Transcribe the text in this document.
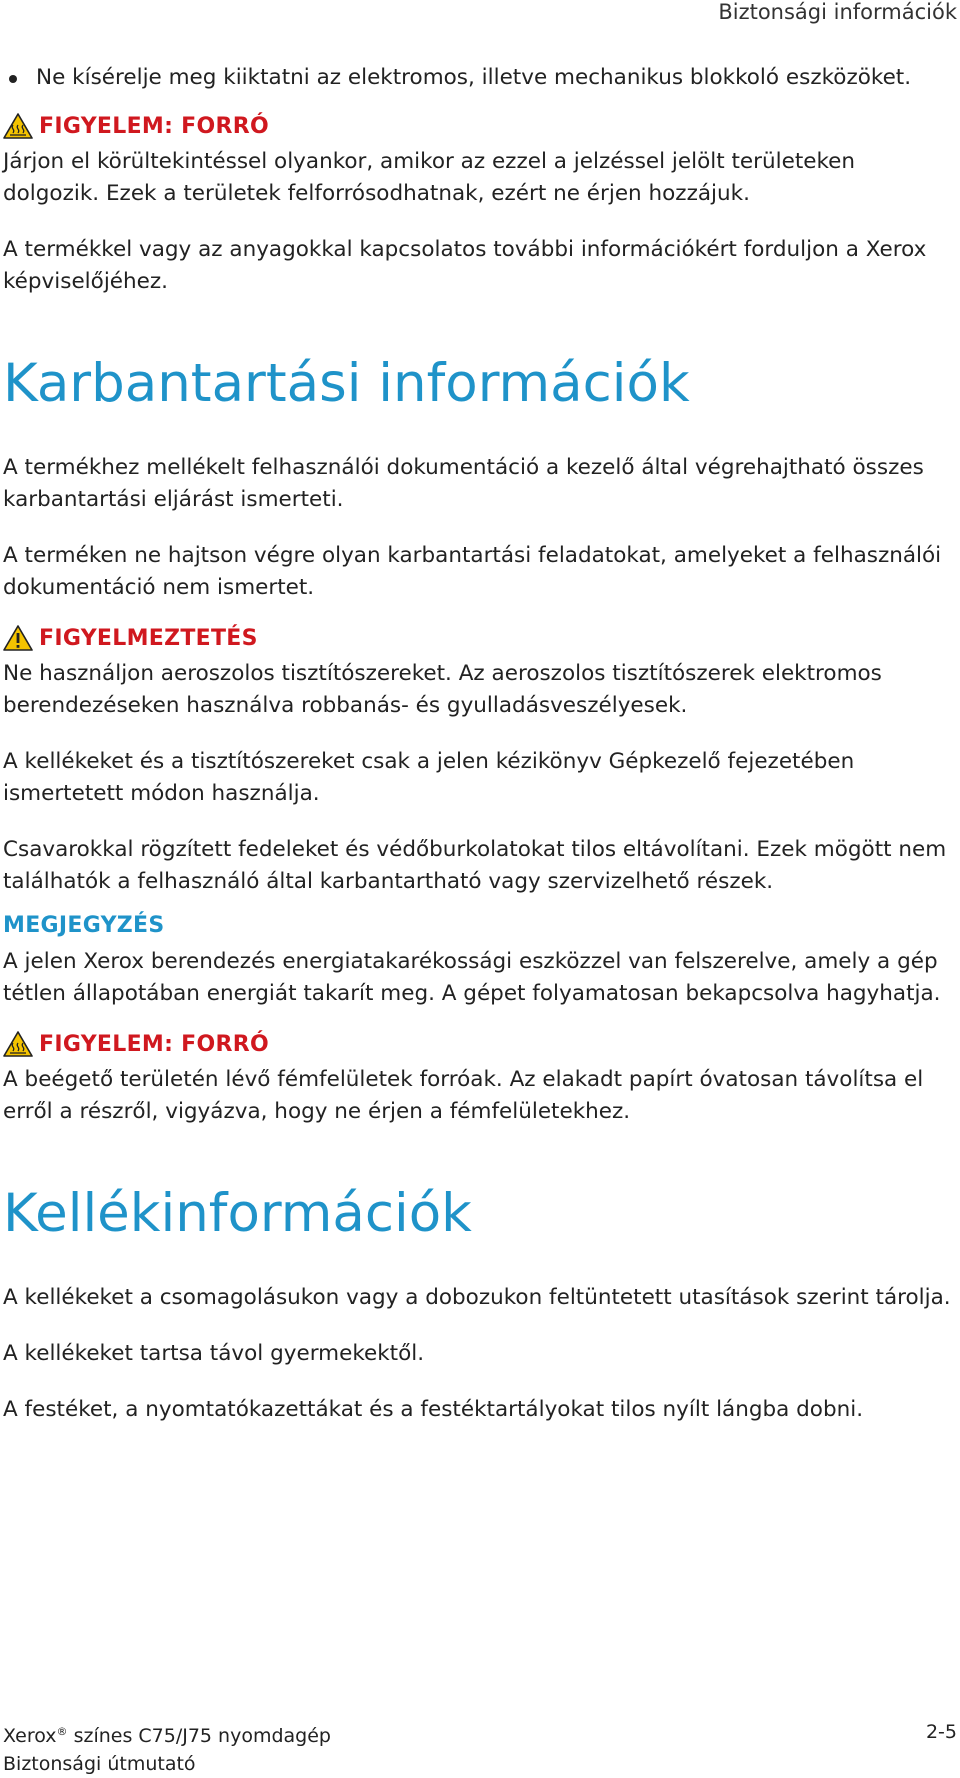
Biztonsági információk
Ne kísérelje meg kiiktatni az elektromos, illetve mechanikus blokkoló eszközöket.
FIGYELEM: FORRÓ

Járjon el körültekintéssel olyankor, amikor az ezzel a jelzéssel jelölt területeken dolgozik. Ezek a területek felforrósodhatnak, ezért ne érjen hozzájuk.

A termékkel vagy az anyagokkal kapcsolatos további információkért forduljon a Xerox képviselőjéhez.

Karbantartási információk

A termékhez mellékelt felhasználói dokumentáció a kezelő által végrehajtható összes karbantartási eljárást ismerteti.

A terméken ne hajtson végre olyan karbantartási feladatokat, amelyeket a felhasználói dokumentáció nem ismertet.

FIGYELMEZTETÉS

Ne használjon aeroszolos tisztítószereket. Az aeroszolos tisztítószerek elektromos berendezéseken használva robbanás- és gyulladásveszélyesek.

A kellékeket és a tisztítószereket csak a jelen kézikönyv Gépkezelő fejezetében ismertetett módon használja.

Csavarokkal rögzített fedeleket és védőburkolatokat tilos eltávolítani. Ezek mögött nem találhatók a felhasználó által karbantartható vagy szervizelhető részek.

MEGJEGYZÉS

A jelen Xerox berendezés energiatakarékossági eszközzel van felszerelve, amely a gép tétlen állapotában energiát takarít meg. A gépet folyamatosan bekapcsolva hagyhatja.

FIGYELEM: FORRÓ

A beégető területén lévő fémfelületek forróak. Az elakadt papírt óvatosan távolítsa el erről a részről, vigyázva, hogy ne érjen a fémfelületekhez.

Kellékinformációk

A kellékeket a csomagolásukon vagy a dobozukon feltüntetett utasítások szerint tárolja.

A kellékeket tartsa távol gyermekektől.

A festéket, a nyomtatókazettákat és a festéktartályokat tilos nyílt lángba dobni.

Xerox® színes C75/J75 nyomdagép
Biztonsági útmutató
2-5
